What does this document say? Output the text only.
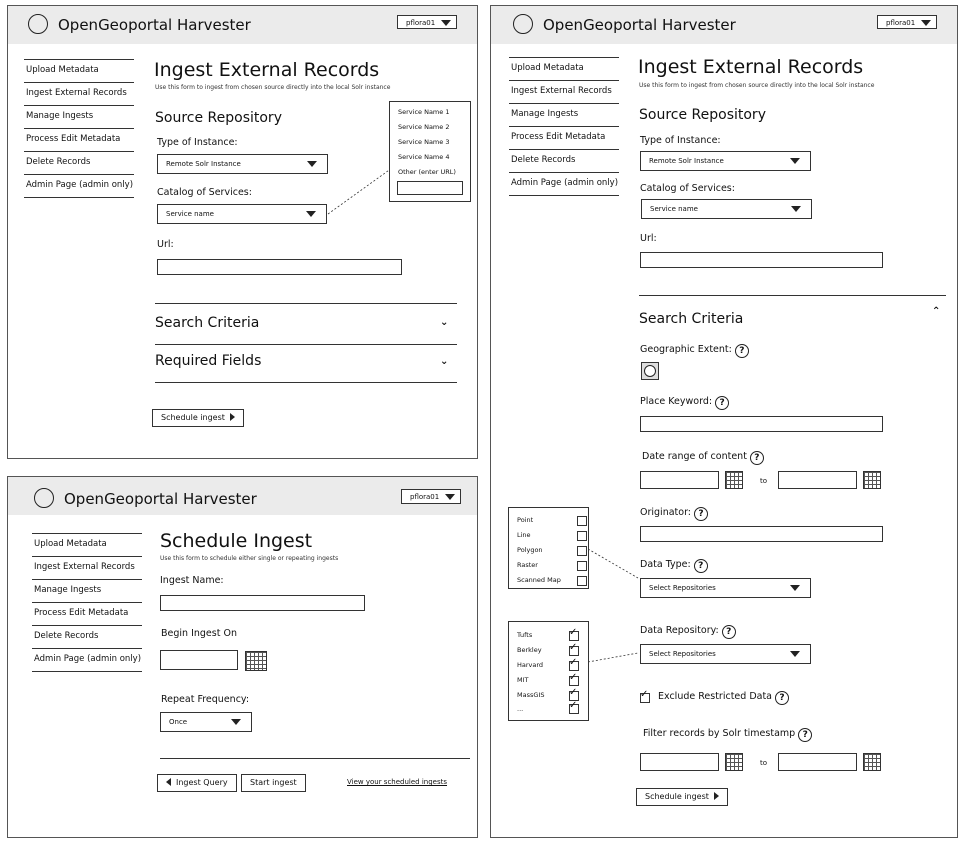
OpenGeoportal Harvester	pflora01
Upload Metadata
Ingest External Records
Manage Ingests
Process Edit Metadata
Delete Records
Admin Page (admin only)
Ingest External Records
Use this form to ingest from chosen source directly into the local Solr instance
Source Repository
Type of Instance:
Remote Solr Instance
Catalog of Services:
Service name
Service Name 1
Service Name 2
Service Name 3
Service Name 4
Other (enter URL)
Url:
Search Criteria	⌄
Required Fields	⌄
Schedule ingest
OpenGeoportal Harvester	pflora01
Upload Metadata
Ingest External Records
Manage Ingests
Process Edit Metadata
Delete Records
Admin Page (admin only)
Schedule Ingest
Use this form to schedule either single or repeating ingests
Ingest Name:
Begin Ingest On
Repeat Frequency:
Once
Ingest Query	Start ingest	View your scheduled ingests
OpenGeoportal Harvester	pflora01
Upload Metadata
Ingest External Records
Manage Ingests
Process Edit Metadata
Delete Records
Admin Page (admin only)
Ingest External Records
Use this form to ingest from chosen source directly into the local Solr instance
Source Repository
Type of Instance:
Remote Solr Instance
Catalog of Services:
Service name
Url:
Search Criteria	⌃
Geographic Extent: ?
Place Keyword: ?
Date range of content ?
to
Originator: ?
Data Type: ?
Select Repositories
Data Repository: ?
Select Repositories
✓ Exclude Restricted Data ?
Filter records by Solr timestamp ?
to
Schedule ingest
Point
Line
Polygon
Raster
Scanned Map
Tufts	✓
Berkley	✓
Harvard	✓
MIT	✓
MassGIS ✓
...	✓
